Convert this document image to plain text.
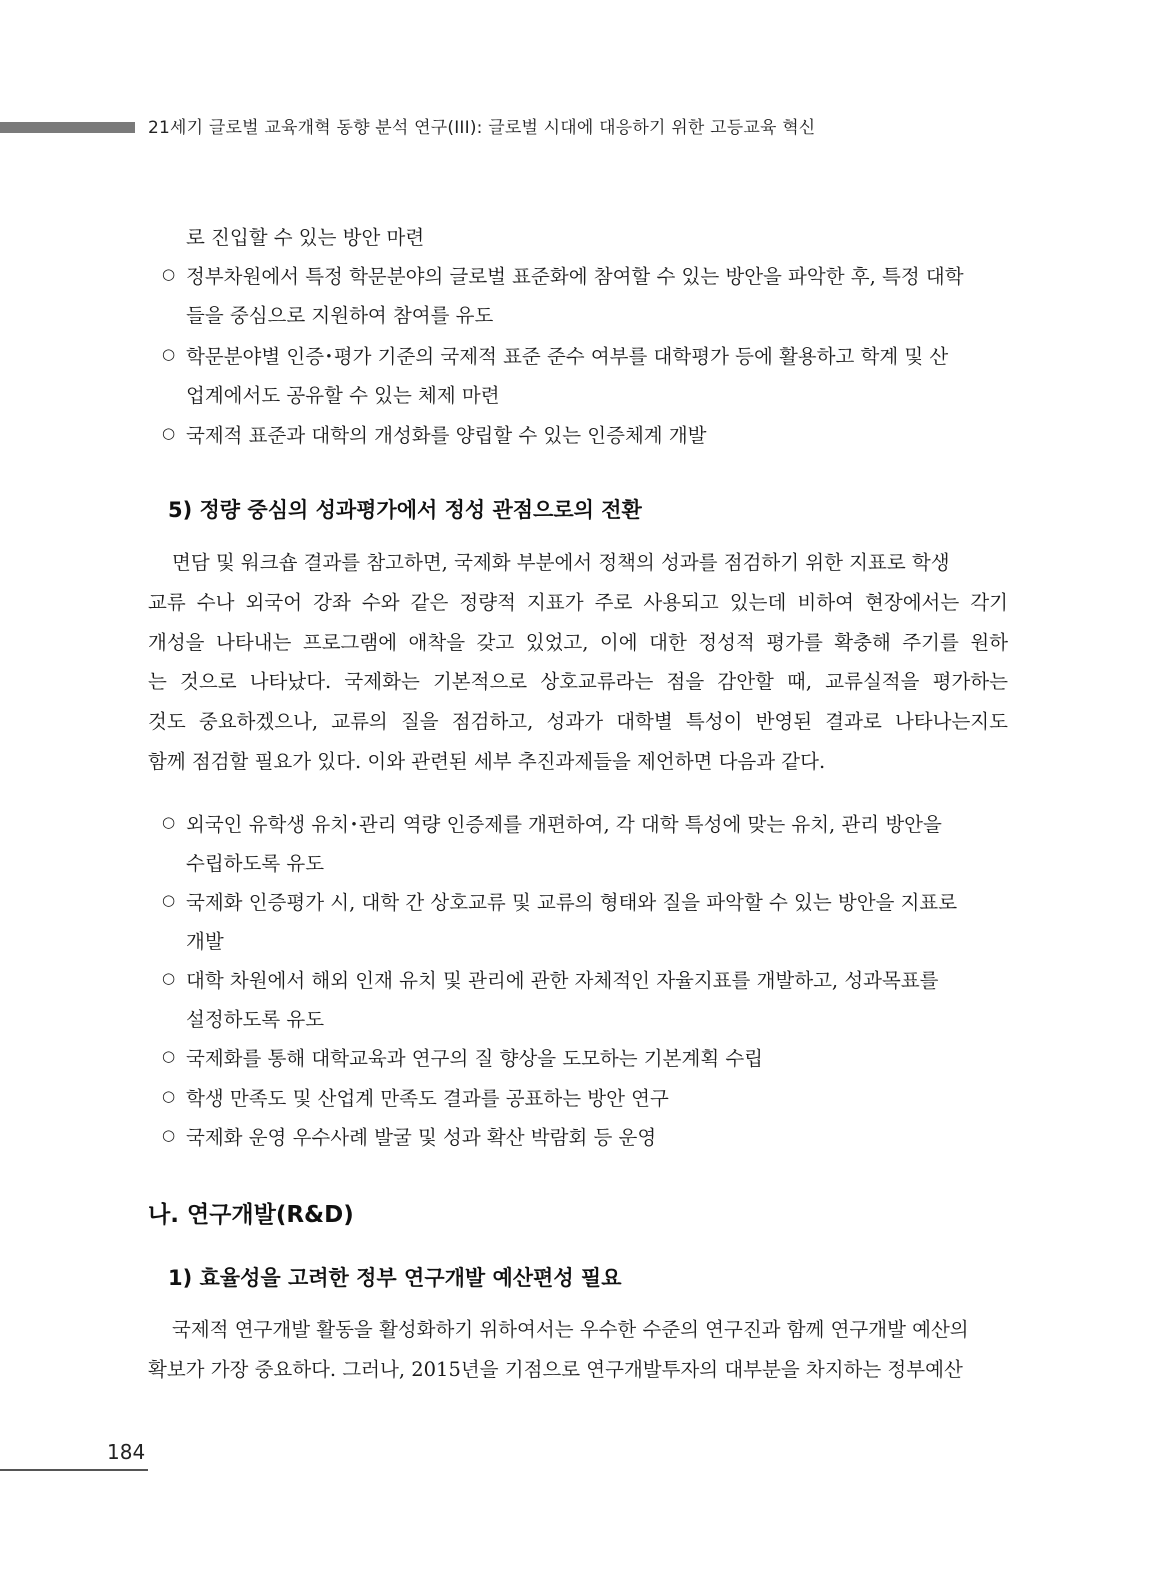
21세기 글로벌 교육개혁 동향 분석 연구(III): 글로벌 시대에 대응하기 위한 고등교육 혁신
로 진입할 수 있는 방안 마련
○ 정부차원에서 특정 학문분야의 글로벌 표준화에 참여할 수 있는 방안을 파악한 후, 특정 대학
들을 중심으로 지원하여 참여를 유도
○ 학문분야별 인증･평가 기준의 국제적 표준 준수 여부를 대학평가 등에 활용하고 학계 및 산
업계에서도 공유할 수 있는 체제 마련
○ 국제적 표준과 대학의 개성화를 양립할 수 있는 인증체계 개발
5) 정량 중심의 성과평가에서 정성 관점으로의 전환
면담 및 워크숍 결과를 참고하면, 국제화 부분에서 정책의 성과를 점검하기 위한 지표로 학생
교류 수나 외국어 강좌 수와 같은 정량적 지표가 주로 사용되고 있는데 비하여 현장에서는 각기
개성을 나타내는 프로그램에 애착을 갖고 있었고, 이에 대한 정성적 평가를 확충해 주기를 원하
는 것으로 나타났다. 국제화는 기본적으로 상호교류라는 점을 감안할 때, 교류실적을 평가하는
것도 중요하겠으나, 교류의 질을 점검하고, 성과가 대학별 특성이 반영된 결과로 나타나는지도
함께 점검할 필요가 있다. 이와 관련된 세부 추진과제들을 제언하면 다음과 같다.
○ 외국인 유학생 유치･관리 역량 인증제를 개편하여, 각 대학 특성에 맞는 유치, 관리 방안을
수립하도록 유도
○ 국제화 인증평가 시, 대학 간 상호교류 및 교류의 형태와 질을 파악할 수 있는 방안을 지표로
개발
○ 대학 차원에서 해외 인재 유치 및 관리에 관한 자체적인 자율지표를 개발하고, 성과목표를
설정하도록 유도
○ 국제화를 통해 대학교육과 연구의 질 향상을 도모하는 기본계획 수립
○ 학생 만족도 및 산업계 만족도 결과를 공표하는 방안 연구
○ 국제화 운영 우수사례 발굴 및 성과 확산 박람회 등 운영
나. 연구개발(R&D)
1) 효율성을 고려한 정부 연구개발 예산편성 필요
국제적 연구개발 활동을 활성화하기 위하여서는 우수한 수준의 연구진과 함께 연구개발 예산의
확보가 가장 중요하다. 그러나, 2015년을 기점으로 연구개발투자의 대부분을 차지하는 정부예산
184
